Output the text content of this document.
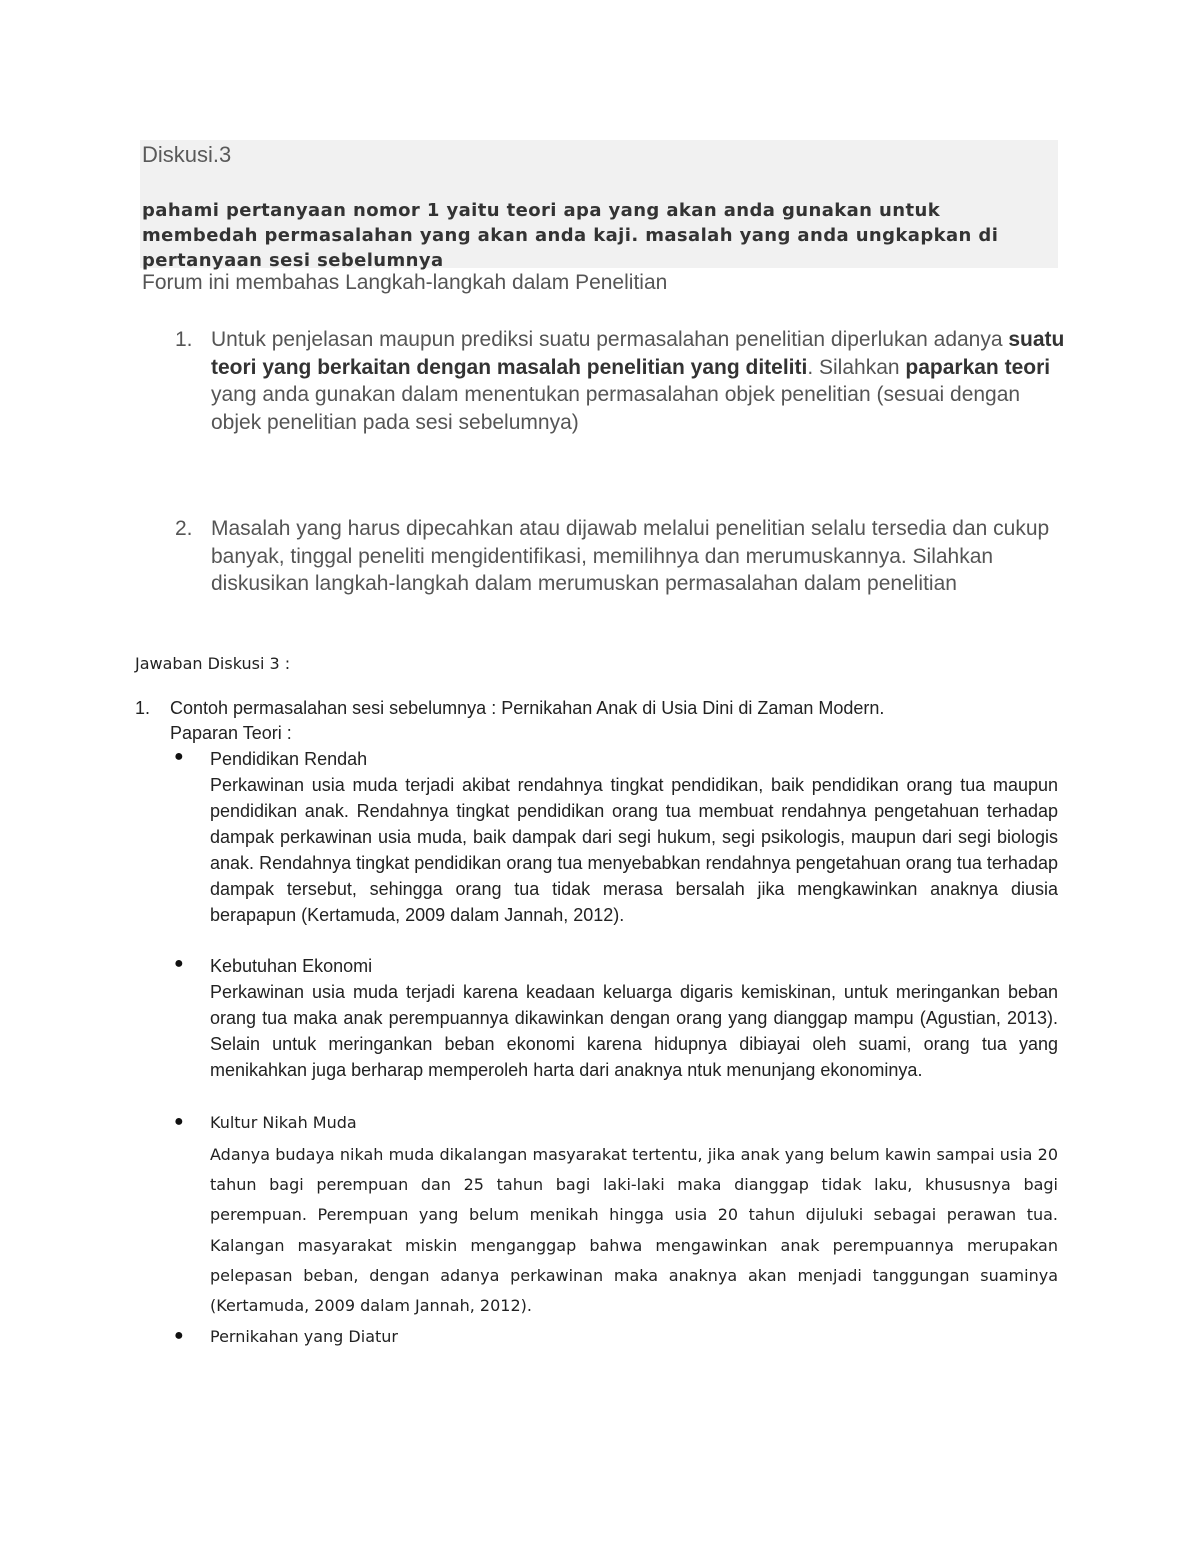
Diskusi.3
pahami pertanyaan nomor 1 yaitu teori apa yang akan anda gunakan untuk membedah permasalahan yang akan anda kaji. masalah yang anda ungkapkan di pertanyaan sesi sebelumnya
Forum ini membahas Langkah-langkah dalam Penelitian
1. Untuk penjelasan maupun prediksi suatu permasalahan penelitian diperlukan adanya suatu teori yang berkaitan dengan masalah penelitian yang diteliti. Silahkan paparkan teori yang anda gunakan dalam menentukan permasalahan objek penelitian (sesuai dengan objek penelitian pada sesi sebelumnya)
2. Masalah yang harus dipecahkan atau dijawab melalui penelitian selalu tersedia dan cukup banyak, tinggal peneliti mengidentifikasi, memilihnya dan merumuskannya. Silahkan diskusikan langkah-langkah dalam merumuskan permasalahan dalam penelitian
Jawaban Diskusi 3 :
1. Contoh permasalahan sesi sebelumnya : Pernikahan Anak di Usia Dini di Zaman Modern.
Paparan Teori :
● Pendidikan Rendah
Perkawinan usia muda terjadi akibat rendahnya tingkat pendidikan, baik pendidikan orang tua maupun pendidikan anak. Rendahnya tingkat pendidikan orang tua membuat rendahnya pengetahuan terhadap dampak perkawinan usia muda, baik dampak dari segi hukum, segi psikologis, maupun dari segi biologis anak. Rendahnya tingkat pendidikan orang tua menyebabkan rendahnya pengetahuan orang tua terhadap dampak tersebut, sehingga orang tua tidak merasa bersalah jika mengkawinkan anaknya diusia berapapun (Kertamuda, 2009 dalam Jannah, 2012).
● Kebutuhan Ekonomi
Perkawinan usia muda terjadi karena keadaan keluarga digaris kemiskinan, untuk meringankan beban orang tua maka anak perempuannya dikawinkan dengan orang yang dianggap mampu (Agustian, 2013). Selain untuk meringankan beban ekonomi karena hidupnya dibiayai oleh suami, orang tua yang menikahkan juga berharap memperoleh harta dari anaknya ntuk menunjang ekonominya.
● Kultur Nikah Muda
Adanya budaya nikah muda dikalangan masyarakat tertentu, jika anak yang belum kawin sampai usia 20 tahun bagi perempuan dan 25 tahun bagi laki-laki maka dianggap tidak laku, khususnya bagi perempuan. Perempuan yang belum menikah hingga usia 20 tahun dijuluki sebagai perawan tua. Kalangan masyarakat miskin menganggap bahwa mengawinkan anak perempuannya merupakan pelepasan beban, dengan adanya perkawinan maka anaknya akan menjadi tanggungan suaminya (Kertamuda, 2009 dalam Jannah, 2012).
● Pernikahan yang Diatur
